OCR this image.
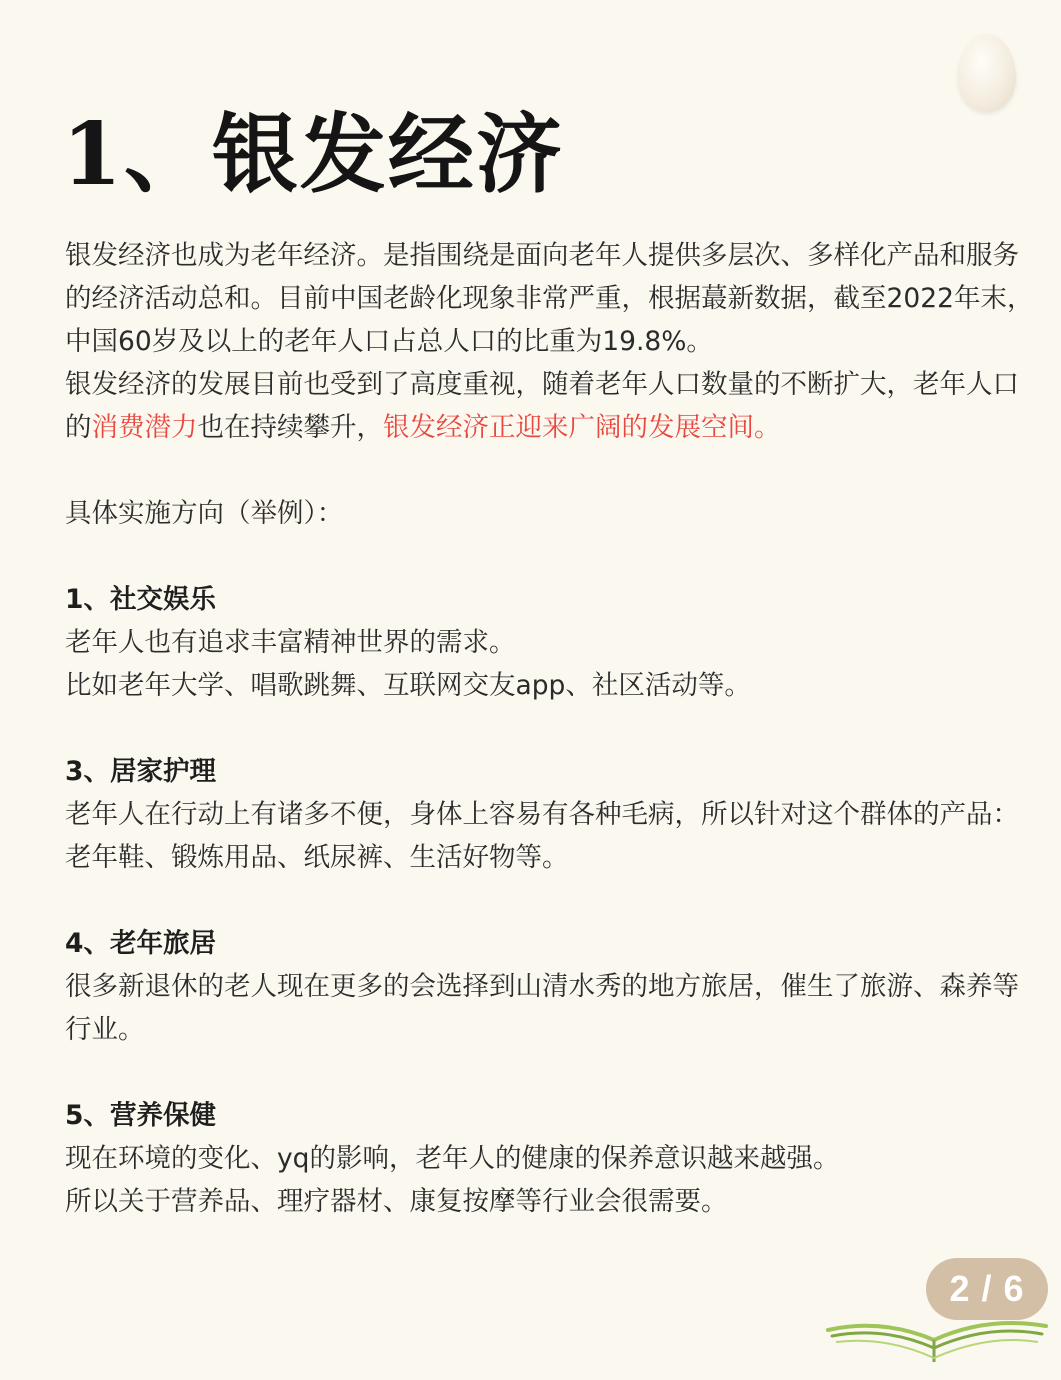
1、银发经济

银发经济也成为老年经济。是指围绕是面向老年人提供多层次、多样化产品和服务的经济活动总和。目前中国老龄化现象非常严重，根据蕞新数据，截至2022年末，中国60岁及以上的老年人口占总人口的比重为19.8%。

银发经济的发展目前也受到了高度重视，随着老年人口数量的不断扩大，老年人口的消费潜力也在持续攀升，银发经济正迎来广阔的发展空间。

具体实施方向（举例）：

1、社交娱乐

老年人也有追求丰富精神世界的需求。

比如老年大学、唱歌跳舞、互联网交友app、社区活动等。

3、居家护理

老年人在行动上有诸多不便，身体上容易有各种毛病，所以针对这个群体的产品：老年鞋、锻炼用品、纸尿裤、生活好物等。

4、老年旅居

很多新退休的老人现在更多的会选择到山清水秀的地方旅居，催生了旅游、森养等行业。

5、营养保健

现在环境的变化、yq的影响，老年人的健康的保养意识越来越强。

所以关于营养品、理疗器材、康复按摩等行业会很需要。

2 / 6
